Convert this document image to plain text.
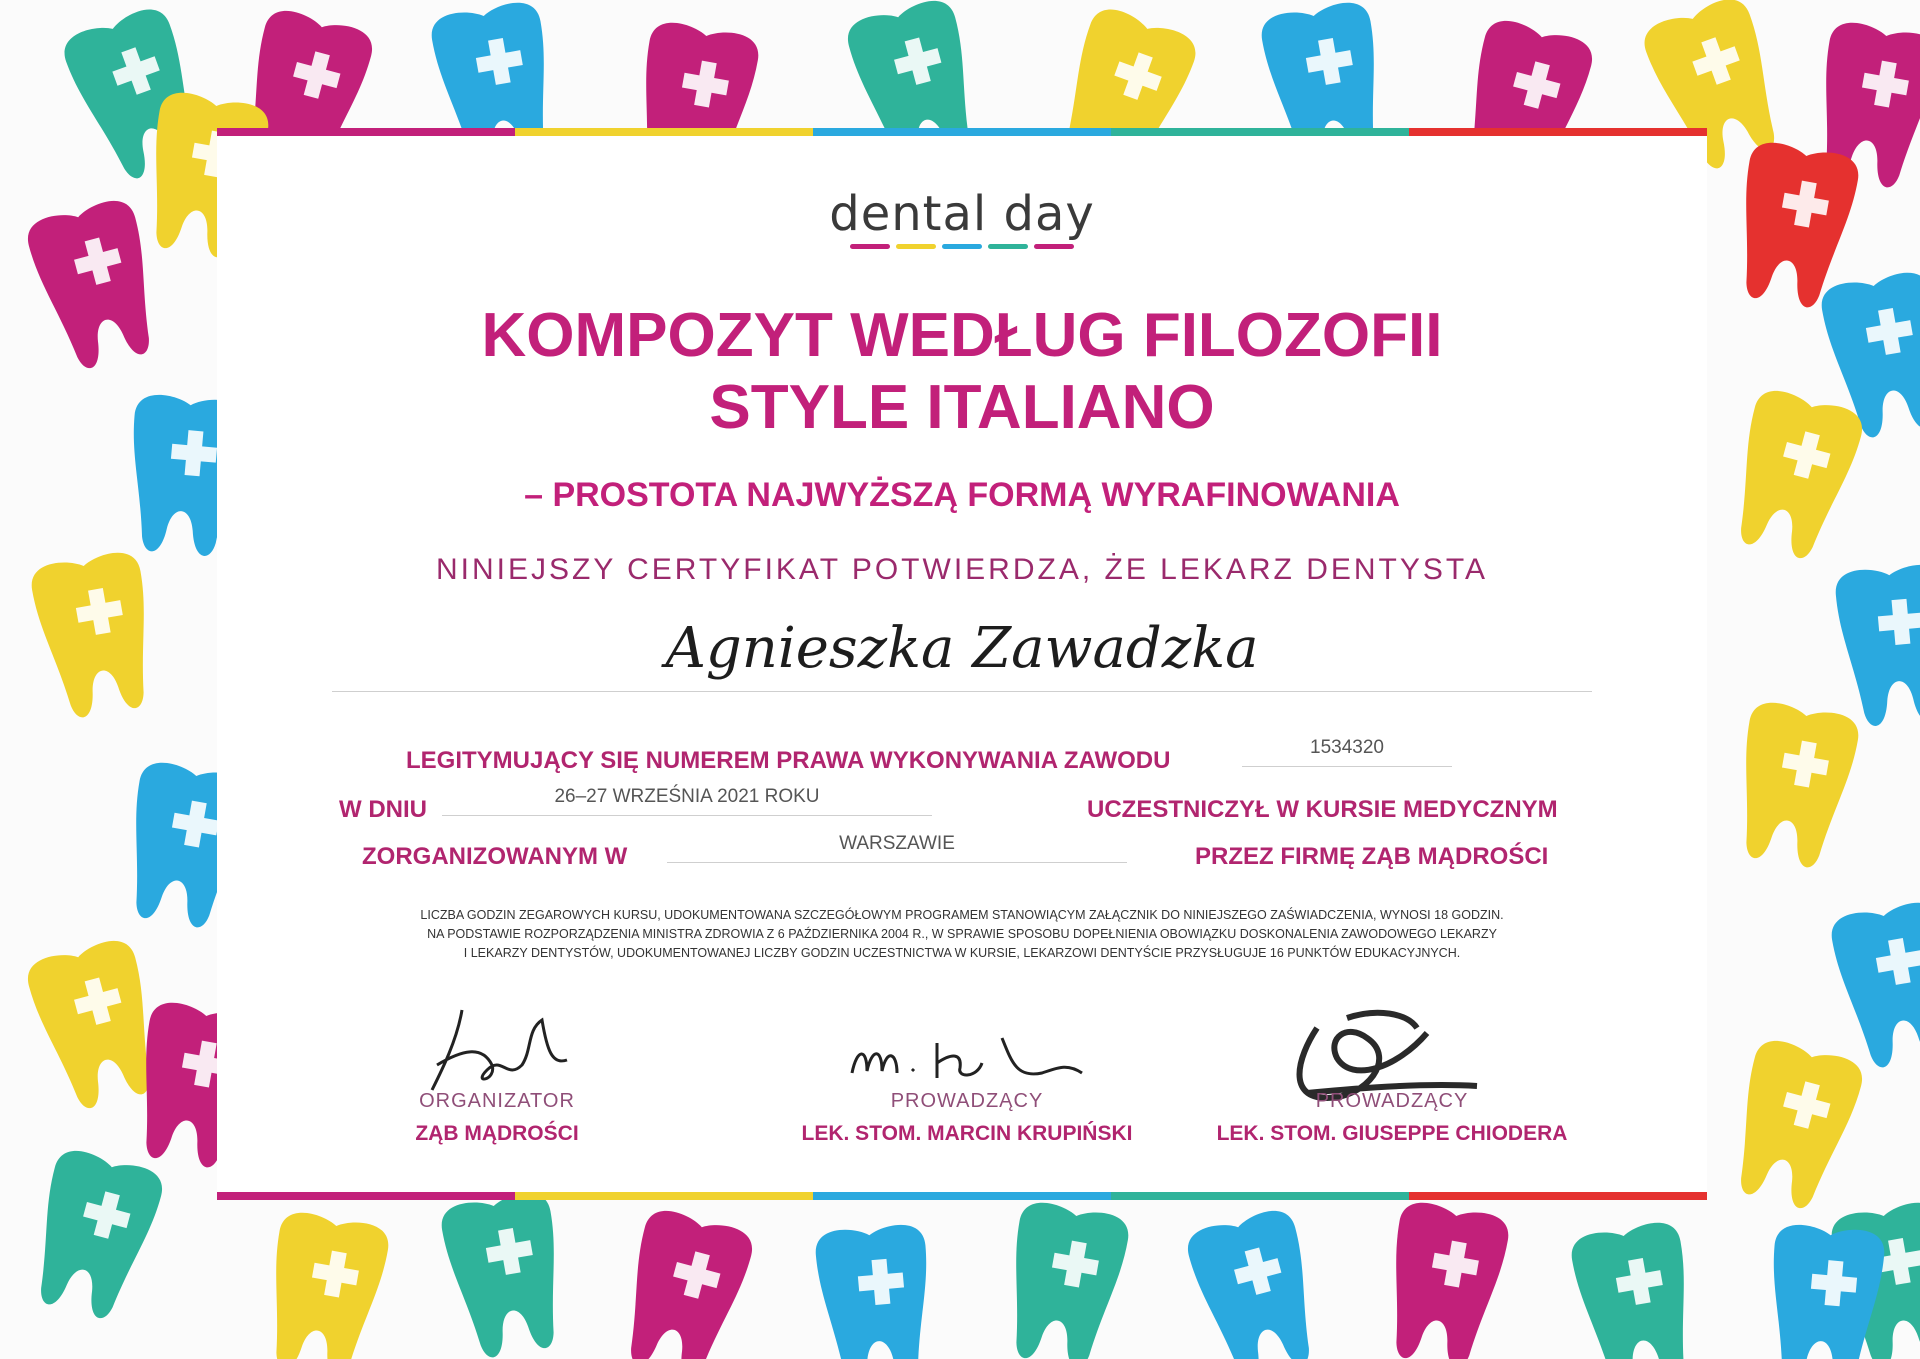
dental day
KOMPOZYT WEDŁUG FILOZOFII
STYLE ITALIANO
– PROSTOTA NAJWYŻSZĄ FORMĄ WYRAFINOWANIA
NINIEJSZY CERTYFIKAT POTWIERDZA, ŻE LEKARZ DENTYSTA
Agnieszka Zawadzka
LEGITYMUJĄCY SIĘ NUMEREM PRAWA WYKONYWANIA ZAWODU	1534320
W DNIU	26–27 WRZEŚNIA 2021 ROKU	UCZESTNICZYŁ W KURSIE MEDYCZNYM
ZORGANIZOWANYM W	WARSZAWIE	PRZEZ FIRMĘ ZĄB MĄDROŚCI
LICZBA GODZIN ZEGAROWYCH KURSU, UDOKUMENTOWANA SZCZEGÓŁOWYM PROGRAMEM STANOWIĄCYM ZAŁĄCZNIK DO NINIEJSZEGO ZAŚWIADCZENIA, WYNOSI 18 GODZIN.
NA PODSTAWIE ROZPORZĄDZENIA MINISTRA ZDROWIA Z 6 PAŹDZIERNIKA 2004 R., W SPRAWIE SPOSOBU DOPEŁNIENIA OBOWIĄZKU DOSKONALENIA ZAWODOWEGO LEKARZY
I LEKARZY DENTYSTÓW, UDOKUMENTOWANEJ LICZBY GODZIN UCZESTNICTWA W KURSIE, LEKARZOWI DENTYŚCIE PRZYSŁUGUJE 16 PUNKTÓW EDUKACYJNYCH.
ORGANIZATOR
ZĄB MĄDROŚCI
PROWADZĄCY
LEK. STOM. MARCIN KRUPIŃSKI
PROWADZĄCY
LEK. STOM. GIUSEPPE CHIODERA
